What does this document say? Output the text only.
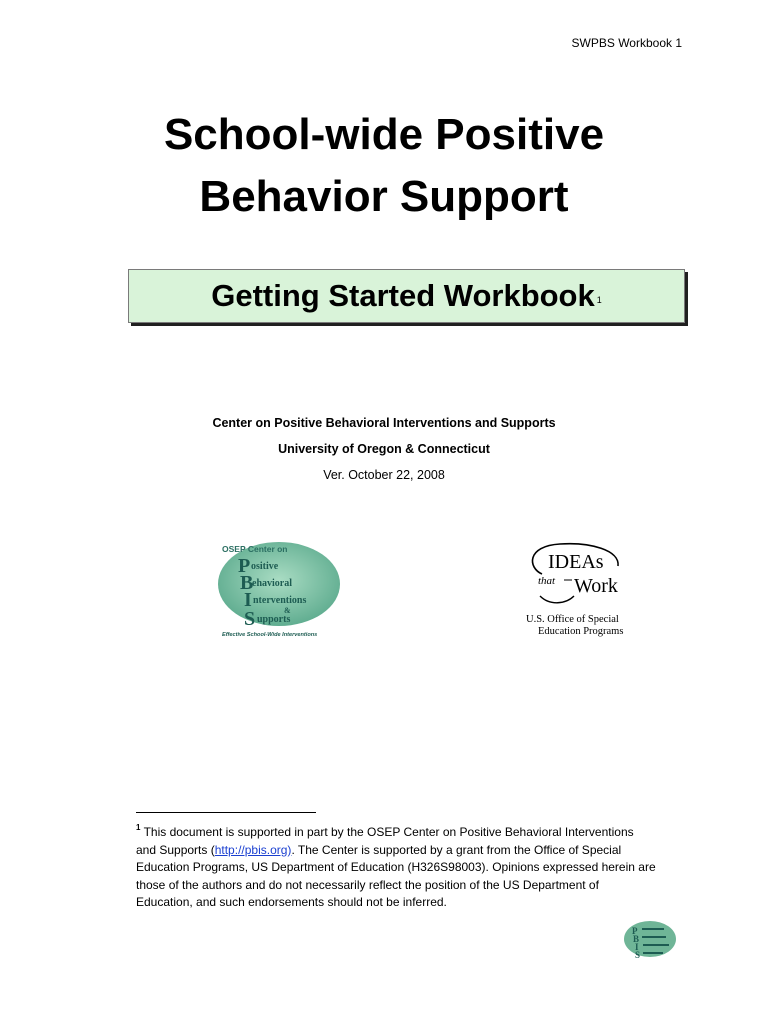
SWPBS Workbook 1
School-wide Positive
Behavior Support
Getting Started Workbook $^1$
Center on Positive Behavioral Interventions and Supports
University of Oregon & Connecticut
Ver. October 22, 2008
OSEP Center on
P ositive
B
ehavioral
I nterventions
&
S upports
Effective School-Wide Interventions
IDEAs
that Work
U.S. Office of Special
Education Programs
$^1$ This document is supported in part by the OSEP Center on Positive Behavioral Interventions and Supports (http://pbis.org). The Center is supported by a grant from the Office of Special Education Programs, US Department of Education (H326S98003). Opinions expressed herein are those of the authors and do not necessarily reflect the position of the US Department of Education, and such endorsements should not be inferred.
P
B
I
S
